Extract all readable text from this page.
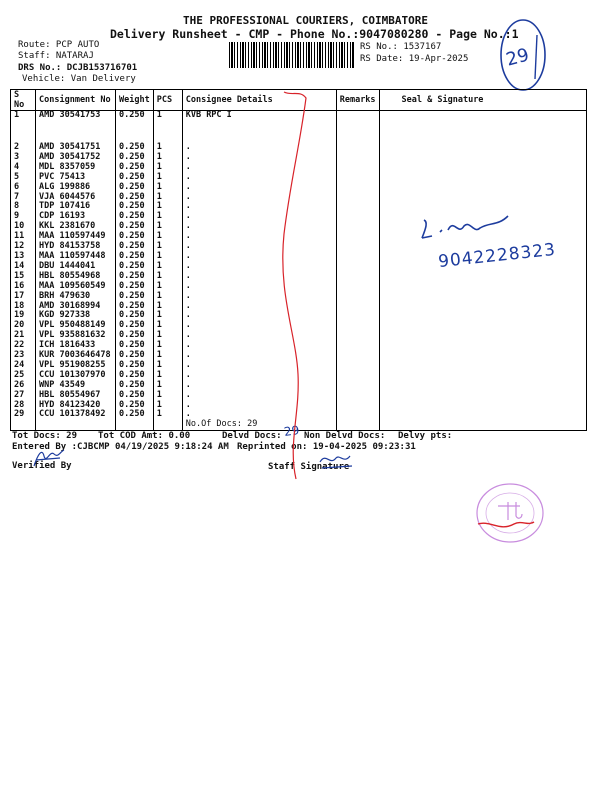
THE PROFESSIONAL COURIERS, COIMBATORE
Delivery Runsheet - CMP - Phone No.:9047080280 - Page No.:1
Route: PCP AUTO
Staff: NATARAJ
DRS No.: DCJB153716701
Vehicle: Van Delivery
RS No.: 1537167
RS Date: 19-Apr-2025 29
S No	Consignment No	Weight	PCS	Consignee Details	Remarks	Seal & Signature
1	AMD 30541753	0.250	1	KVB RPC I		
2	AMD 30541751	0.250	1	.		
3	AMD 30541752	0.250	1	.		
4	MDL 8357059	0.250	1	.		
5	PVC 75413	0.250	1	.		
6	ALG 199886	0.250	1	.		
7	VJA 6044576	0.250	1	.		
8	TDP 107416	0.250	1	.		
9	CDP 16193	0.250	1	.		
10	KKL 2381670	0.250	1	.		
11	MAA 110597449	0.250	1	.		
12	HYD 84153758	0.250	1	.		
13	MAA 110597448	0.250	1	.		
14	DBU 1444041	0.250	1	.		
15	HBL 80554968	0.250	1	.		
16	MAA 109560549	0.250	1	.		
17	BRH 479630	0.250	1	.		
18	AMD 30168994	0.250	1	.		
19	KGD 927338	0.250	1	.		
20	VPL 950488149	0.250	1	.		
21	VPL 935881632	0.250	1	.		
22	ICH 1816433	0.250	1	.		
23	KUR 7003646478	0.250	1	.		
24	VPL 951908255	0.250	1	.		
25	CCU 101307970	0.250	1	.		
26	WNP 43549	0.250	1	.		
27	HBL 80554967	0.250	1	.		
28	HYD 84123420	0.250	1	.		
29	CCU 101378492	0.250	1	.		
				No.Of Docs: 29		
Tot Docs: 29 Tot COD Amt: 0.00	Delvd Docs: 29 Non Delvd Docs: Delvy pts:
Entered By :CJBCMP 04/19/2025 9:18:24 AM Reprinted on: 19-04-2025 09:23:31
Verified By	Staff Signature
9042228323
